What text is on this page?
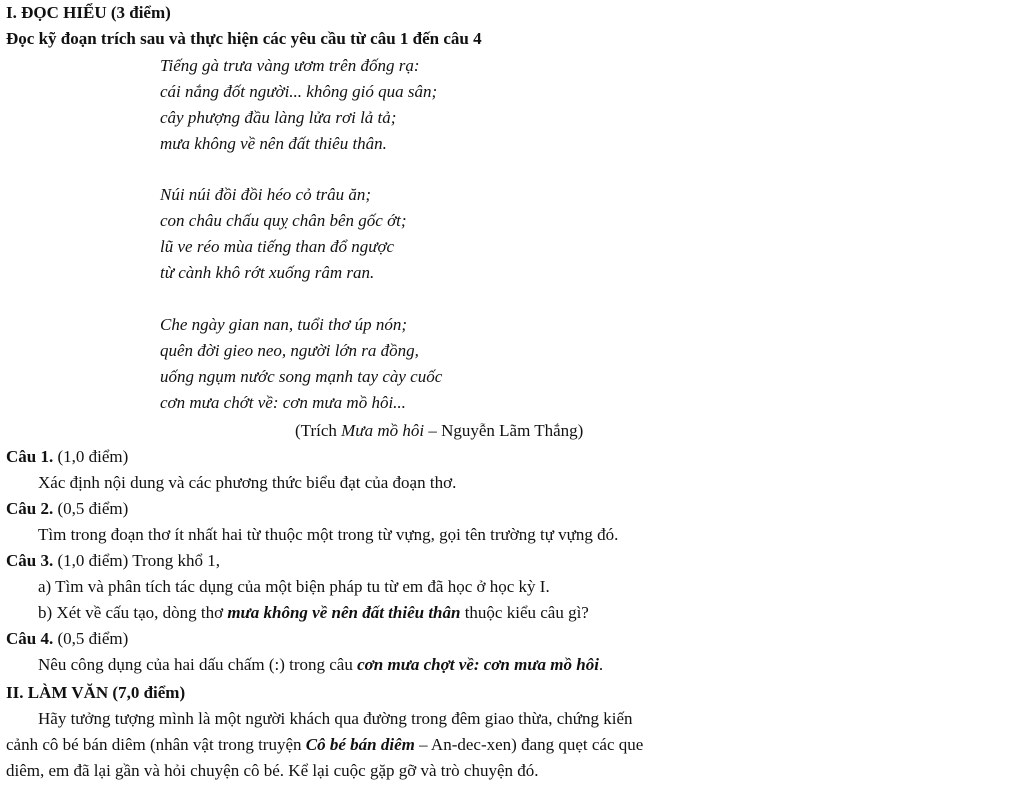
I. ĐỌC HIỂU (3 điểm)
Đọc kỹ đoạn trích sau và thực hiện các yêu cầu từ câu 1 đến câu 4
Tiếng gà trưa vàng ươm trên đống rạ:
cái nắng đốt người... không gió qua sân;
cây phượng đầu làng lửa rơi lả tả;
mưa không về nên đất thiêu thân.
Núi núi đồi đồi héo cỏ trâu ăn;
con châu chấu quỵ chân bên gốc ớt;
lũ ve réo mùa tiếng than đổ ngược
từ cành khô rớt xuống râm ran.
Che ngày gian nan, tuổi thơ úp nón;
quên đời gieo neo, người lớn ra đồng,
uống ngụm nước song mạnh tay cày cuốc
cơn mưa chớt về: cơn mưa mồ hôi...
(Trích Mưa mồ hôi – Nguyễn Lãm Thắng)
Câu 1. (1,0 điểm)
Xác định nội dung và các phương thức biểu đạt của đoạn thơ.
Câu 2. (0,5 điểm)
Tìm trong đoạn thơ ít nhất hai từ thuộc một trong từ vựng, gọi tên trường tự vựng đó.
Câu 3. (1,0 điểm) Trong khổ 1,
a) Tìm và phân tích tác dụng của một biện pháp tu từ em đã học ở học kỳ I.
b) Xét về cấu tạo, dòng thơ mưa không về nên đất thiêu thân thuộc kiểu câu gì?
Câu 4. (0,5 điểm)
Nêu công dụng của hai dấu chấm (:) trong câu cơn mưa chợt về: cơn mưa mồ hôi.
II. LÀM VĂN (7,0 điểm)
Hãy tưởng tượng mình là một người khách qua đường trong đêm giao thừa, chứng kiến
cảnh cô bé bán diêm (nhân vật trong truyện Cô bé bán diêm – An-dec-xen) đang quẹt các que
diêm, em đã lại gần và hỏi chuyện cô bé. Kể lại cuộc gặp gỡ và trò chuyện đó.
